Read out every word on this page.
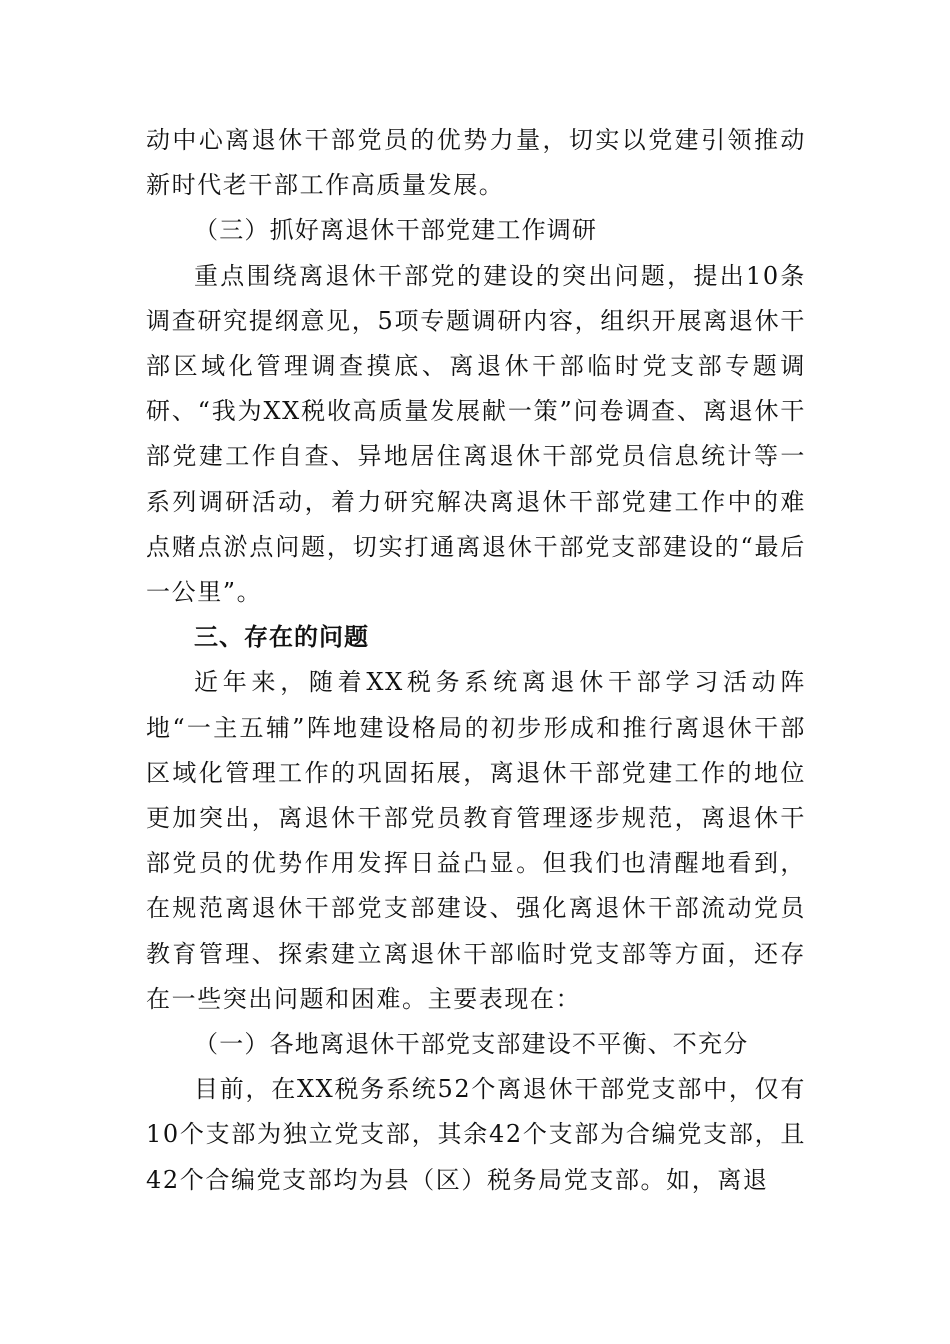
动中心离退休干部党员的优势力量，切实以党建引领推动新时代老干部工作高质量发展。

（三）抓好离退休干部党建工作调研

重点围绕离退休干部党的建设的突出问题，提出10条调查研究提纲意见，5项专题调研内容，组织开展离退休干部区域化管理调查摸底、离退休干部临时党支部专题调研、“我为XX税收高质量发展献一策”问卷调查、离退休干部党建工作自查、异地居住离退休干部党员信息统计等一系列调研活动，着力研究解决离退休干部党建工作中的难点赌点淤点问题，切实打通离退休干部党支部建设的“最后一公里”。

三、存在的问题

近年来，随着XX税务系统离退休干部学习活动阵地“一主五辅”阵地建设格局的初步形成和推行离退休干部区域化管理工作的巩固拓展，离退休干部党建工作的地位更加突出，离退休干部党员教育管理逐步规范，离退休干部党员的优势作用发挥日益凸显。但我们也清醒地看到，在规范离退休干部党支部建设、强化离退休干部流动党员教育管理、探索建立离退休干部临时党支部等方面，还存在一些突出问题和困难。主要表现在：

（一）各地离退休干部党支部建设不平衡、不充分

目前，在XX税务系统52个离退休干部党支部中，仅有10个支部为独立党支部，其余42个支部为合编党支部，且42个合编党支部均为县（区）税务局党支部。如，离退
